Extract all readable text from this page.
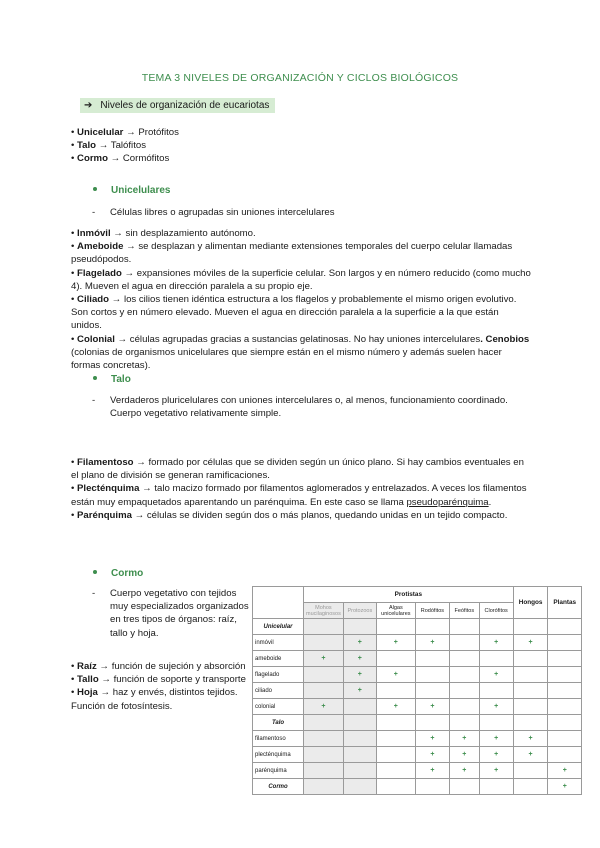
TEMA 3 NIVELES DE ORGANIZACIÓN Y CICLOS BIOLÓGICOS
➔ Niveles de organización de eucariotas
• Unicelular → Protófitos
• Talo → Talófitos
• Cormo → Cormófitos
Unicelulares
- Células libres o agrupadas sin uniones intercelulares
• Inmóvil → sin desplazamiento autónomo.
• Ameboide → se desplazan y alimentan mediante extensiones temporales del cuerpo celular llamadas pseudópodos.
• Flagelado → expansiones móviles de la superficie celular. Son largos y en número reducido (como mucho 4). Mueven el agua en dirección paralela a su propio eje.
• Ciliado → los cilios tienen idéntica estructura a los flagelos y probablemente el mismo origen evolutivo. Son cortos y en número elevado. Mueven el agua en dirección paralela a la superficie a la que están unidos.
• Colonial → células agrupadas gracias a sustancias gelatinosas. No hay uniones intercelulares. Cenobios (colonias de organismos unicelulares que siempre están en el mismo número y además suelen hacer formas concretas).
Talo
- Verdaderos pluricelulares con uniones intercelulares o, al menos, funcionamiento coordinado. Cuerpo vegetativo relativamente simple.
• Filamentoso → formado por células que se dividen según un único plano. Si hay cambios eventuales en el plano de división se generan ramificaciones.
• Plecténquima → talo macizo formado por filamentos aglomerados y entrelazados. A veces los filamentos están muy empaquetados aparentando un parénquima. En este caso se llama pseudoparénquima.
• Parénquima → células se dividen según dos o más planos, quedando unidas en un tejido compacto.
Cormo
- Cuerpo vegetativo con tejidos muy especializados organizados en tres tipos de órganos: raíz, tallo y hoja.
• Raíz → función de sujeción y absorción
• Tallo → función de soporte y transporte
• Hoja → haz y envés, distintos tejidos. Función de fotosíntesis.
	Protistas						Hongos	Plantas
	Mohos mucilaginosos	Protozoos	Algas unicelulares	Rodófitos	Feófitos	Clorófitos		
Unicelular								
inmóvil		+	+	+		+	+	
ameboide	+	+						
flagelado		+	+			+		
ciliado		+						
colonial	+		+	+		+		
Talo								
filamentoso				+	+	+	+	
plecténquima				+	+	+	+	
parénquima				+	+	+		+
Cormo								+
